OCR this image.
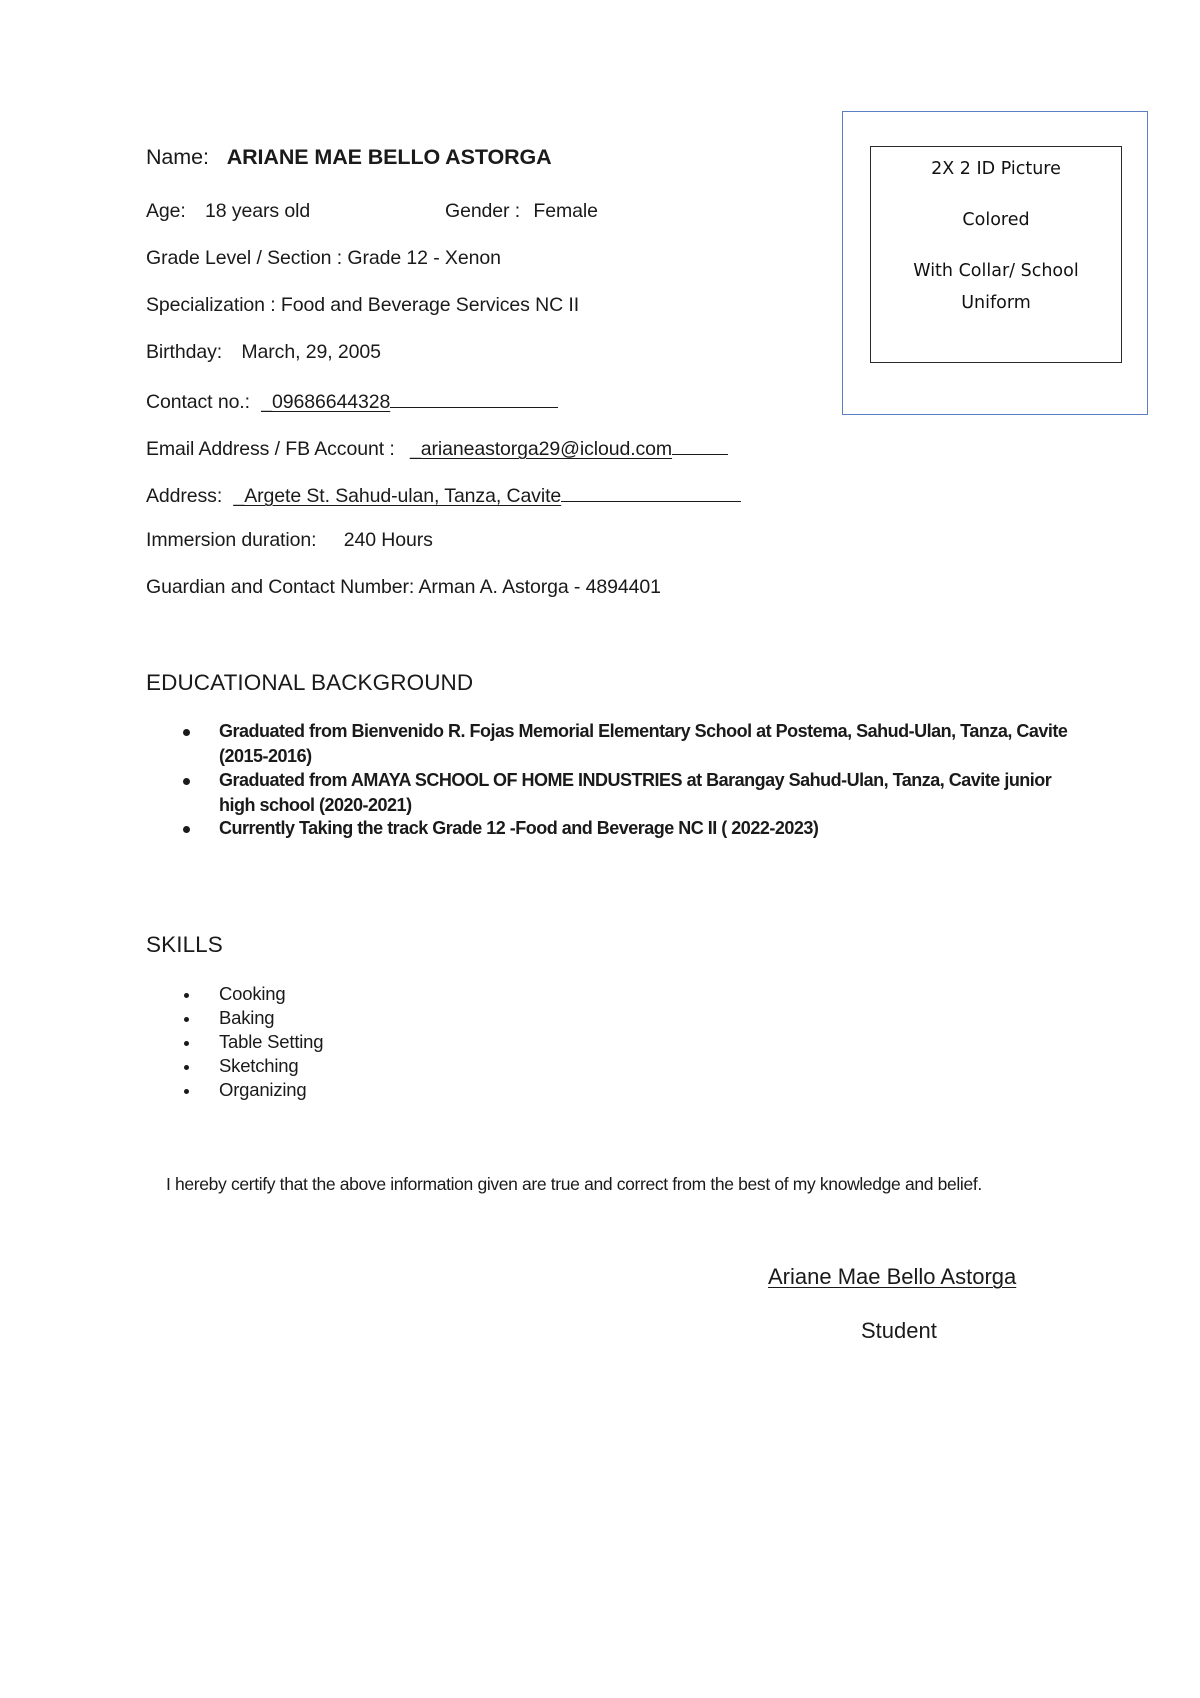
Name: ARIANE MAE BELLO ASTORGA
Age: 18 years old	Gender : Female
Grade Level / Section : Grade 12 - Xenon
Specialization : Food and Beverage Services NC II
Birthday: March, 29, 2005
Contact no.: _09686644328
Email Address / FB Account : _arianeastorga29@icloud.com
Address: _Argete St. Sahud-ulan, Tanza, Cavite
Immersion duration: 240 Hours
Guardian and Contact Number: Arman A. Astorga - 4894401
2X 2 ID Picture
Colored
With Collar/ School
Uniform
EDUCATIONAL BACKGROUND
Graduated from Bienvenido R. Fojas Memorial Elementary School at Postema, Sahud-Ulan, Tanza, Cavite (2015-2016)
Graduated from AMAYA SCHOOL OF HOME INDUSTRIES at Barangay Sahud-Ulan, Tanza, Cavite junior high school (2020-2021)
Currently Taking the track Grade 12 -Food and Beverage NC II ( 2022-2023)
SKILLS
Cooking
Baking
Table Setting
Sketching
Organizing
I hereby certify that the above information given are true and correct from the best of my knowledge and belief.
Ariane Mae Bello Astorga
Student
